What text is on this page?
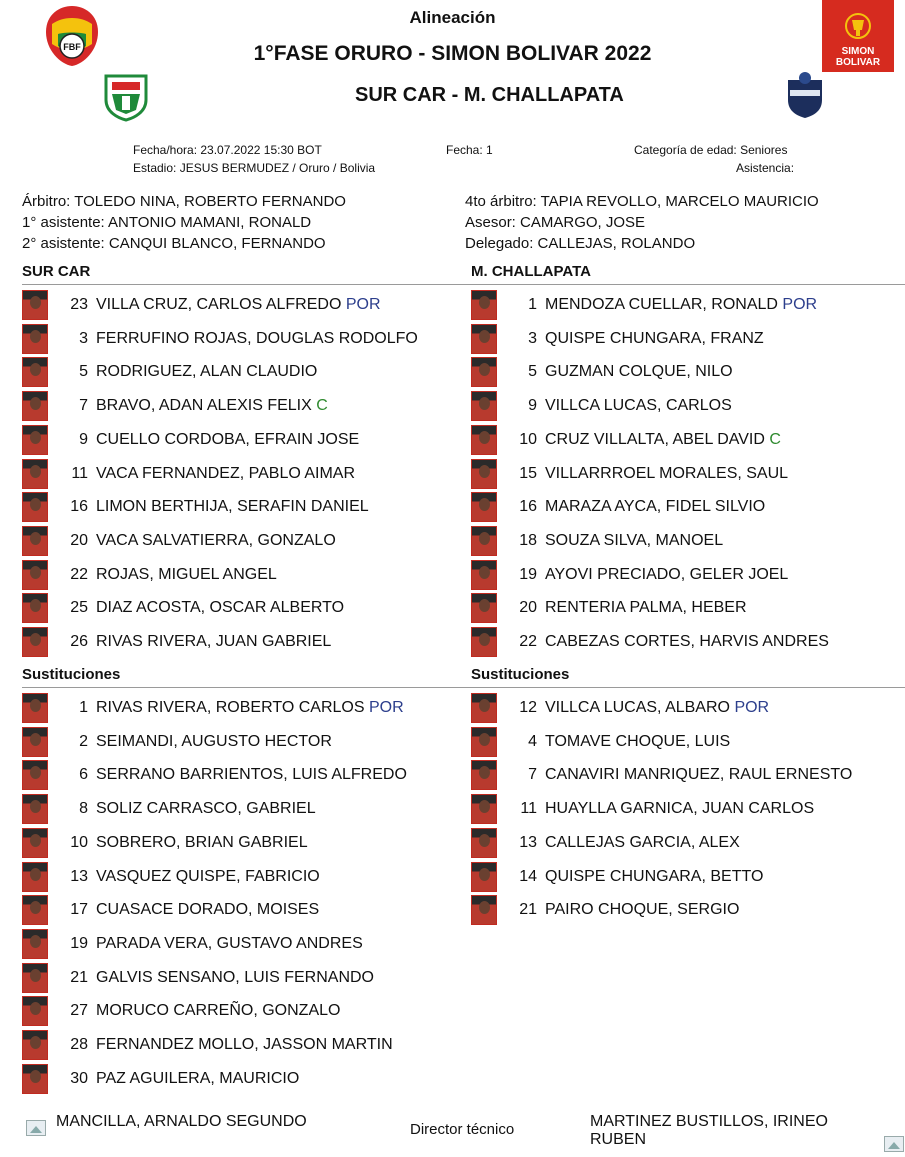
FBF	SIMON BOLIVAR
Alineación
1°FASE ORURO - SIMON BOLIVAR 2022
SUR CAR - M. CHALLAPATA
Fecha/hora: 23.07.2022 15:30 BOT
Estadio: JESUS BERMUDEZ / Oruro / Bolivia
Fecha: 1	Categoría de edad: Seniores
Asistencia:
Árbitro: TOLEDO NINA, ROBERTO FERNANDO
1° asistente: ANTONIO MAMANI, RONALD
2° asistente: CANQUI BLANCO, FERNANDO
4to árbitro: TAPIA REVOLLO, MARCELO MAURICIO
Asesor: CAMARGO, JOSE
Delegado: CALLEJAS, ROLANDO
SUR CAR	M. CHALLAPATA
23 VILLA CRUZ, CARLOS ALFREDO POR
3 FERRUFINO ROJAS, DOUGLAS RODOLFO
5 RODRIGUEZ, ALAN CLAUDIO
7 BRAVO, ADAN ALEXIS FELIX C
9 CUELLO CORDOBA, EFRAIN JOSE
11 VACA FERNANDEZ, PABLO AIMAR
16 LIMON BERTHIJA, SERAFIN DANIEL
20 VACA SALVATIERRA, GONZALO
22 ROJAS, MIGUEL ANGEL
25 DIAZ ACOSTA, OSCAR ALBERTO
26 RIVAS RIVERA, JUAN GABRIEL
1 MENDOZA CUELLAR, RONALD POR
3 QUISPE CHUNGARA, FRANZ
5 GUZMAN COLQUE, NILO
9 VILLCA LUCAS, CARLOS
10 CRUZ VILLALTA, ABEL DAVID C
15 VILLARRROEL MORALES, SAUL
16 MARAZA AYCA, FIDEL SILVIO
18 SOUZA SILVA, MANOEL
19 AYOVI PRECIADO, GELER JOEL
20 RENTERIA PALMA, HEBER
22 CABEZAS CORTES, HARVIS ANDRES
Sustituciones	Sustituciones
1 RIVAS RIVERA, ROBERTO CARLOS POR
2 SEIMANDI, AUGUSTO HECTOR
6 SERRANO BARRIENTOS, LUIS ALFREDO
8 SOLIZ CARRASCO, GABRIEL
10 SOBRERO, BRIAN GABRIEL
13 VASQUEZ QUISPE, FABRICIO
17 CUASACE DORADO, MOISES
19 PARADA VERA, GUSTAVO ANDRES
21 GALVIS SENSANO, LUIS FERNANDO
27 MORUCO CARREÑO, GONZALO
28 FERNANDEZ MOLLO, JASSON MARTIN
30 PAZ AGUILERA, MAURICIO
12 VILLCA LUCAS, ALBARO POR
4 TOMAVE CHOQUE, LUIS
7 CANAVIRI MANRIQUEZ, RAUL ERNESTO
11 HUAYLLA GARNICA, JUAN CARLOS
13 CALLEJAS GARCIA, ALEX
14 QUISPE CHUNGARA, BETTO
21 PAIRO CHOQUE, SERGIO
MANCILLA, ARNALDO SEGUNDO	Director técnico	MARTINEZ BUSTILLOS, IRINEO
RUBEN
